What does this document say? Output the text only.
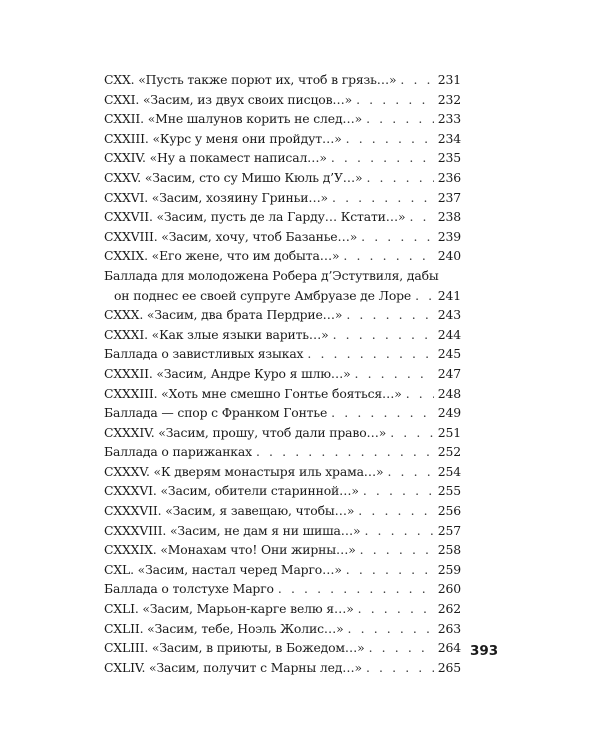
CXX. «Пусть также порют их, чтоб в грязь…» . . .	231
CXXI. «Засим, из двух своих писцов…» . . .	232
CXXII. «Мне шалунов корить не след…» . . .	233
CXXIII. «Курс у меня они пройдут…» . . .	234
CXXIV. «Ну а покамест написал…» . . .	235
CXXV. «Засим, сто су Мишо Кюль д’У…» . . .	236
CXXVI. «Засим, хозяину Гриньи…» . . .	237
CXXVII. «Засим, пусть де ла Гарду… Кстати…» . . .	238
CXXVIII. «Засим, хочу, чтоб Базанье…» . . .	239
CXXIX. «Его жене, что им добыта…» . . .	240
Баллада для молодожена Робера д’Эстутвиля, дабы
он поднес ее своей супруге Амбруазе де Лоре . . . 241
CXXX. «Засим, два брата Пердрие…» . . .	243
CXXXI. «Как злые языки варить…» . . .	244
Баллада о завистливых языках . . .	245
CXXXII. «Засим, Андре Куро я шлю…» . . .	247
CXXXIII. «Хоть мне смешно Гонтье бояться…» . . .	248
Баллада — спор с Франком Гонтье . . .	249
CXXXIV. «Засим, прошу, чтоб дали право…» . . .	251
Баллада о парижанках . . .	252
CXXXV. «К дверям монастыря иль храма…» . . .	254
CXXXVI. «Засим, обители старинной…» . . .	255
CXXXVII. «Засим, я завещаю, чтобы…» . . .	256
CXXXVIII. «Засим, не дам я ни шиша…» . . .	257
CXXXIX. «Монахам что! Они жирны…» . . .	258
CXL. «Засим, настал черед Марго…» . . .	259
Баллада о толстухе Марго . . .	260
CXLI. «Засим, Марьон-карге велю я…» . . .	262
CXLII. «Засим, тебе, Ноэль Жолис…» . . .	263
CXLIII. «Засим, в приюты, в Божедом…» . . .	264
CXLIV. «Засим, получит с Марны лед…» . . .	265
393
